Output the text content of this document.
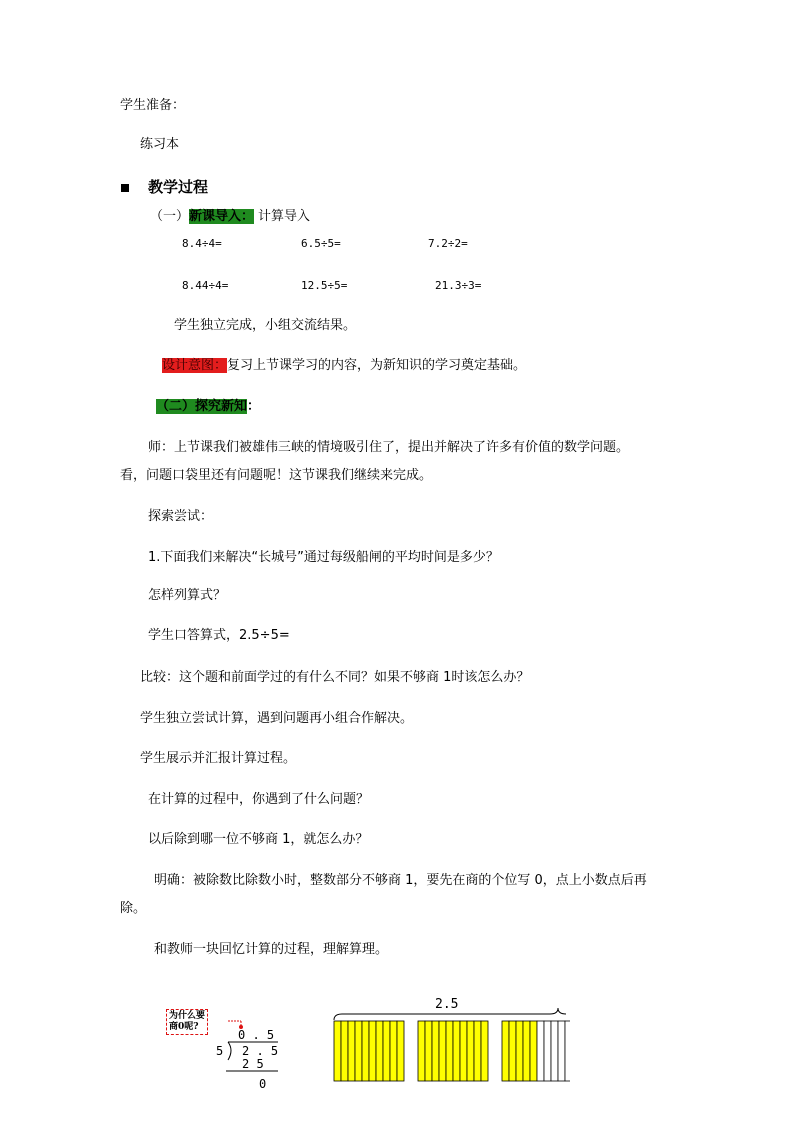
学生准备：
练习本
教学过程
（一）新课导入： 计算导入
8.4÷4=	6.5÷5=	7.2÷2=
8.44÷4=	12.5÷5=	21.3÷3=
学生独立完成，小组交流结果。
设计意图：复习上节课学习的内容，为新知识的学习奠定基础。
（二）探究新知：
师：上节课我们被雄伟三峡的情境吸引住了，提出并解决了许多有价值的数学问题。
看，问题口袋里还有问题呢！这节课我们继续来完成。
探索尝试：
1.下面我们来解决“长城号”通过每级船闸的平均时间是多少？
怎样列算式？
学生口答算式，2.5÷5=
比较：这个题和前面学过的有什么不同？如果不够商 1时该怎么办？
学生独立尝试计算，遇到问题再小组合作解决。
学生展示并汇报计算过程。
在计算的过程中，你遇到了什么问题？
以后除到哪一位不够商 1，就怎么办？
明确：被除数比除数小时，整数部分不够商 1，要先在商的个位写 0，点上小数点后再
除。
和教师一块回忆计算的过程，理解算理。
为什么要
商0呢?
0 . 5
5 2 . 5
2 5
0
2.5
